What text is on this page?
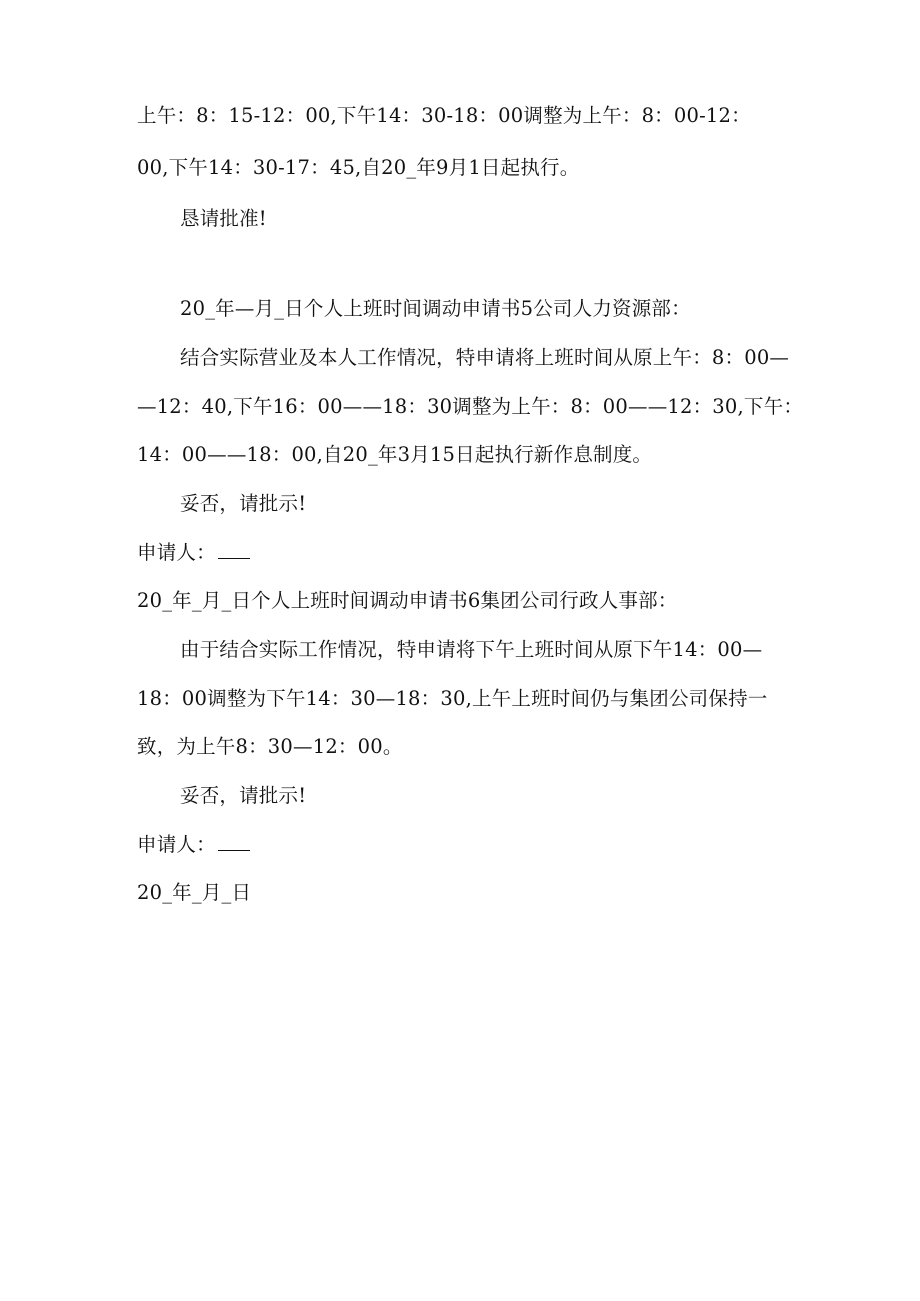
上午：8：15-12：00,下午14：30-18：00调整为上午：8：00-12：
00,下午14：30-17：45,自20_年9月1日起执行。
恳请批准!
20_年—月_日个人上班时间调动申请书5公司人力资源部：
结合实际营业及本人工作情况，特申请将上班时间从原上午：8：00—
—12：40,下午16：00——18：30调整为上午：8：00——12：30,下午：
14：00——18：00,自20_年3月15日起执行新作息制度。
妥否，请批示!
申请人：
20_年_月_日个人上班时间调动申请书6集团公司行政人事部：
由于结合实际工作情况，特申请将下午上班时间从原下午14：00—
18：00调整为下午14：30—18：30,上午上班时间仍与集团公司保持一
致，为上午8：30—12：00。
妥否，请批示!
申请人：
20_年_月_日
